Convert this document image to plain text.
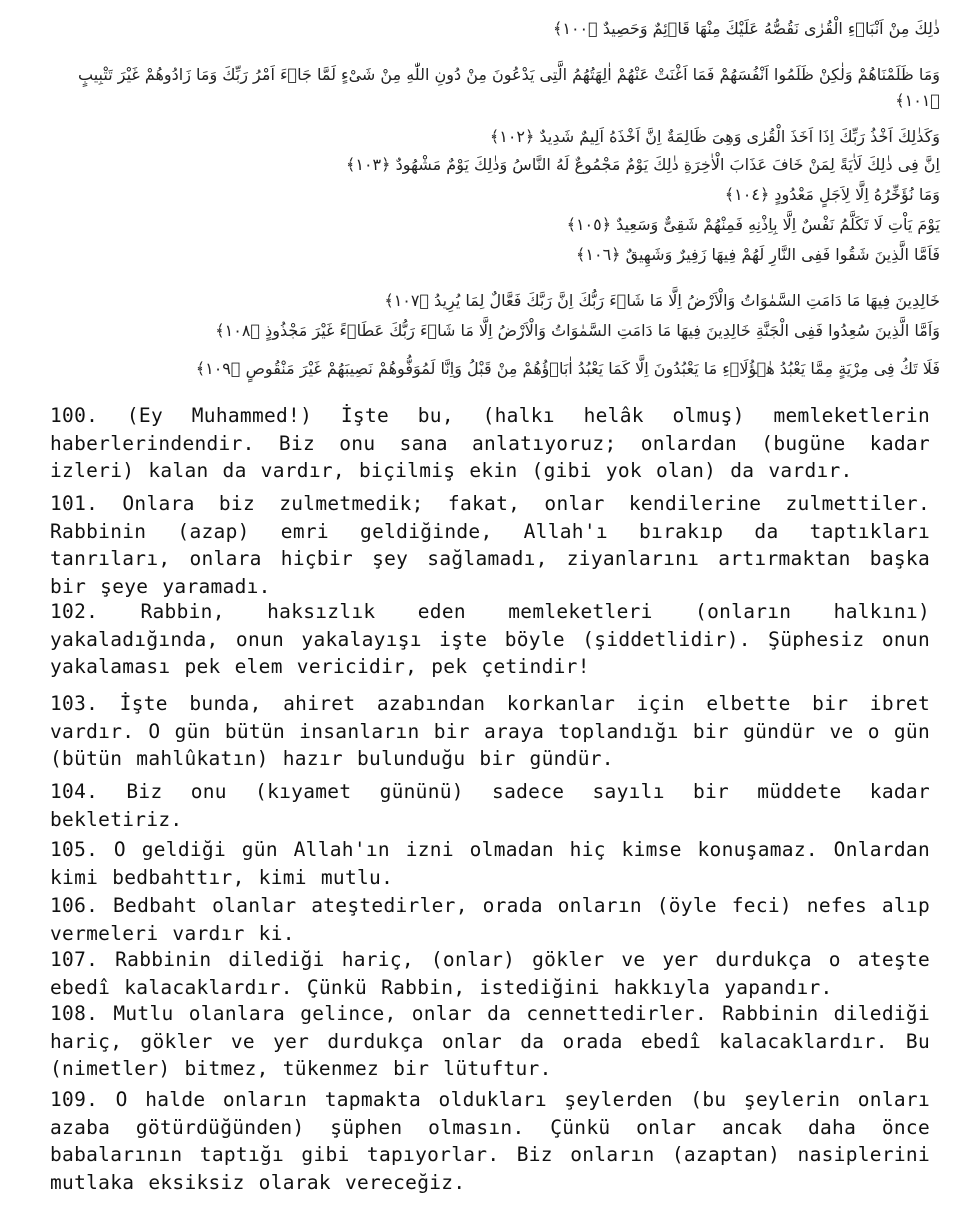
ذٰلِكَ مِنْ اَنْبَاۤءِ الْقُرٰى نَقُصُّهُ عَلَيْكَ مِنْهَا قَاۤئِمٌ وَحَصِيدٌ ﴿١٠٠﴾
وَمَا ظَلَمْنَاهُمْ وَلٰكِنْ ظَلَمُوا اَنْفُسَهُمْ فَمَا اَغْنَتْ عَنْهُمْ اٰلِهَتُهُمُ الَّتِى يَدْعُونَ مِنْ دُونِ اللّٰهِ مِنْ شَىْءٍ لَمَّا جَاۤءَ اَمْرُ رَبِّكَ وَمَا زَادُوهُمْ غَيْرَ تَتْبِيبٍ ﴿١٠١﴾
وَكَذٰلِكَ اَخْذُ رَبِّكَ اِذَا اَخَذَ الْقُرٰى وَهِىَ ظَالِمَةٌ اِنَّ اَخْذَهُ اَلِيمٌ شَدِيدٌ ﴿١٠٢﴾
اِنَّ فِى ذٰلِكَ لَاٰيَةً لِمَنْ خَافَ عَذَابَ الْاٰخِرَةِ ذٰلِكَ يَوْمٌ مَجْمُوعٌ لَهُ النَّاسُ وَذٰلِكَ يَوْمٌ مَشْهُودٌ ﴿١٠٣﴾
وَمَا نُؤَخِّرُهُ اِلَّا لِاَجَلٍ مَعْدُودٍ ﴿١٠٤﴾
يَوْمَ يَاْتِ لَا تَكَلَّمُ نَفْسٌ اِلَّا بِاِذْنِهِ فَمِنْهُمْ شَقِىٌّ وَسَعِيدٌ ﴿١٠٥﴾
فَاَمَّا الَّذِينَ شَقُوا فَفِى النَّارِ لَهُمْ فِيهَا زَفِيرٌ وَشَهِيقٌ ﴿١٠٦﴾
خَالِدِينَ فِيهَا مَا دَامَتِ السَّمٰوَاتُ وَالْاَرْضُ اِلَّا مَا شَاۤءَ رَبُّكَ اِنَّ رَبَّكَ فَعَّالٌ لِمَا يُرِيدُ ﴿١٠٧﴾
وَاَمَّا الَّذِينَ سُعِدُوا فَفِى الْجَنَّةِ خَالِدِينَ فِيهَا مَا دَامَتِ السَّمٰوَاتُ وَالْاَرْضُ اِلَّا مَا شَاۤءَ رَبُّكَ عَطَاۤءً غَيْرَ مَجْذُوذٍ ﴿١٠٨﴾
فَلَا تَكُ فِى مِرْيَةٍ مِمَّا يَعْبُدُ هٰۤؤُلَاۤءِ مَا يَعْبُدُونَ اِلَّا كَمَا يَعْبُدُ اٰبَاۤؤُهُمْ مِنْ قَبْلُ وَاِنَّا لَمُوَفُّوهُمْ نَصِيبَهُمْ غَيْرَ مَنْقُوصٍ ﴿١٠٩﴾

100. (Ey Muhammed!) İşte bu, (halkı helâk olmuş) memleketlerin haberlerindendir. Biz onu sana anlatıyoruz; onlardan (bugüne kadar izleri) kalan da vardır, biçilmiş ekin (gibi yok olan) da vardır.

101. Onlara biz zulmetmedik; fakat, onlar kendilerine zulmettiler. Rabbinin (azap) emri geldiğinde, Allah'ı bırakıp da taptıkları tanrıları, onlara hiçbir şey sağlamadı, ziyanlarını artırmaktan başka bir şeye yaramadı.

102. Rabbin, haksızlık eden memleketleri (onların halkını) yakaladığında, onun yakalayışı işte böyle (şiddetlidir). Şüphesiz onun yakalaması pek elem vericidir, pek çetindir!

103. İşte bunda, ahiret azabından korkanlar için elbette bir ibret vardır. O gün bütün insanların bir araya toplandığı bir gündür ve o gün (bütün mahlûkatın) hazır bulunduğu bir gündür.

104. Biz onu (kıyamet gününü) sadece sayılı bir müddete kadar bekletiriz.

105. O geldiği gün Allah'ın izni olmadan hiç kimse konuşamaz. Onlardan kimi bedbahttır, kimi mutlu.

106. Bedbaht olanlar ateştedirler, orada onların (öyle feci) nefes alıp vermeleri vardır ki.

107. Rabbinin dilediği hariç, (onlar) gökler ve yer durdukça o ateşte ebedî kalacaklardır. Çünkü Rabbin, istediğini hakkıyla yapandır.

108. Mutlu olanlara gelince, onlar da cennettedirler. Rabbinin dilediği hariç, gökler ve yer durdukça onlar da orada ebedî kalacaklardır. Bu (nimetler) bitmez, tükenmez bir lütuftur.

109. O halde onların tapmakta oldukları şeylerden (bu şeylerin onları azaba götürdüğünden) şüphen olmasın. Çünkü onlar ancak daha önce babalarının taptığı gibi tapıyorlar. Biz onların (azaptan) nasiplerini mutlaka eksiksiz olarak vereceğiz.
